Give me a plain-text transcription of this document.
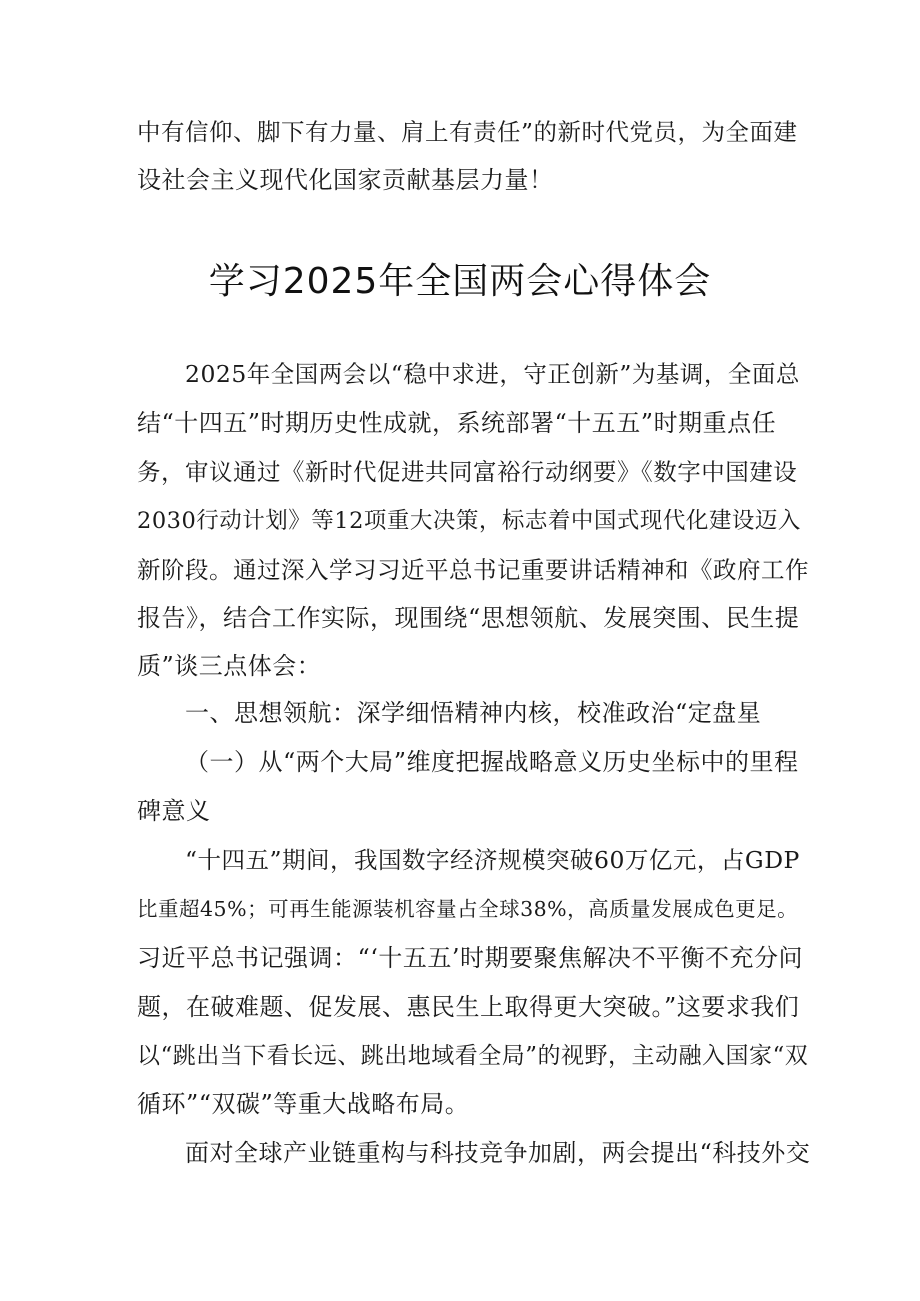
中有信仰、脚下有力量、肩上有责任”的新时代党员，为全面建
设社会主义现代化国家贡献基层力量！
学习2025年全国两会心得体会
2025年全国两会以“稳中求进，守正创新”为基调，全面总
结“十四五”时期历史性成就，系统部署“十五五”时期重点任
务，审议通过《新时代促进共同富裕行动纲要》《数字中国建设
2030行动计划》等12项重大决策，标志着中国式现代化建设迈入
新阶段。通过深入学习习近平总书记重要讲话精神和《政府工作
报告》，结合工作实际，现围绕“思想领航、发展突围、民生提
质”谈三点体会：
一、思想领航：深学细悟精神内核，校准政治“定盘星
（一）从“两个大局”维度把握战略意义历史坐标中的里程
碑意义
“十四五”期间，我国数字经济规模突破60万亿元，占GDP
比重超45%；可再生能源装机容量占全球38%，高质量发展成色更足。
习近平总书记强调：“‘十五五’时期要聚焦解决不平衡不充分问
题，在破难题、促发展、惠民生上取得更大突破。”这要求我们
以“跳出当下看长远、跳出地域看全局”的视野，主动融入国家“双
循环”“双碳”等重大战略布局。
面对全球产业链重构与科技竞争加剧，两会提出“科技外交
